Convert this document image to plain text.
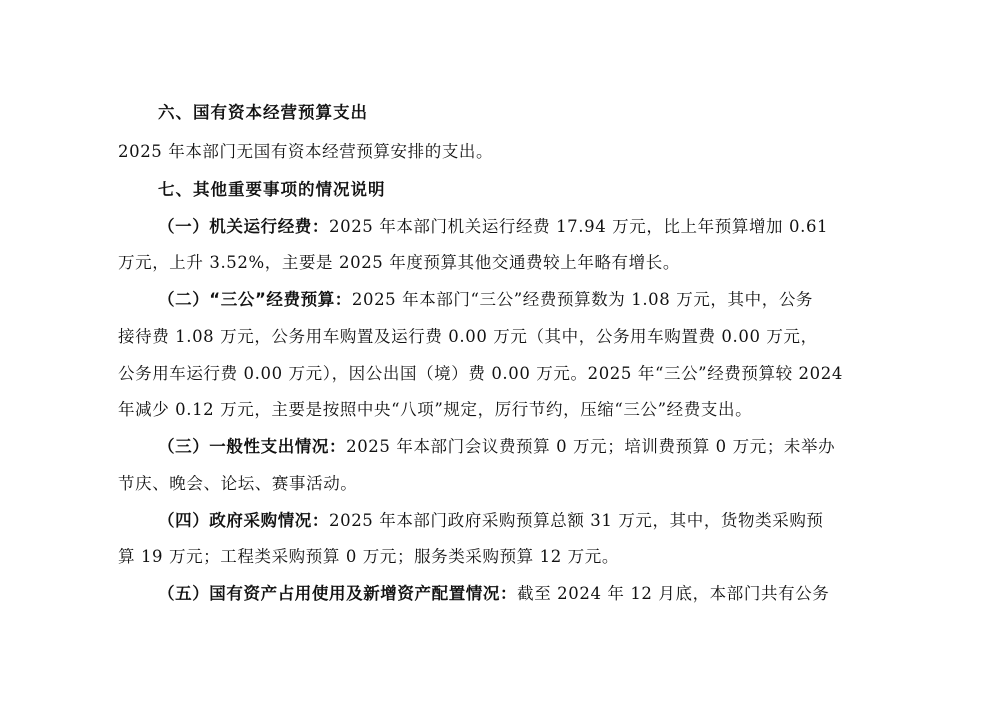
六、国有资本经营预算支出
2025 年本部门无国有资本经营预算安排的支出。
七、其他重要事项的情况说明
（一）机关运行经费：2025 年本部门机关运行经费 17.94 万元，比上年预算增加 0.61
万元，上升 3.52%，主要是 2025 年度预算其他交通费较上年略有增长。
（二）“三公”经费预算：2025 年本部门“三公”经费预算数为 1.08 万元，其中，公务
接待费 1.08 万元，公务用车购置及运行费 0.00 万元（其中，公务用车购置费 0.00 万元，
公务用车运行费 0.00 万元），因公出国（境）费 0.00 万元。2025 年“三公”经费预算较 2024
年减少 0.12 万元，主要是按照中央“八项”规定，厉行节约，压缩“三公”经费支出。
（三）一般性支出情况：2025 年本部门会议费预算 0 万元；培训费预算 0 万元；未举办
节庆、晚会、论坛、赛事活动。
（四）政府采购情况：2025 年本部门政府采购预算总额 31 万元，其中，货物类采购预
算 19 万元；工程类采购预算 0 万元；服务类采购预算 12 万元。
（五）国有资产占用使用及新增资产配置情况：截至 2024 年 12 月底，本部门共有公务
